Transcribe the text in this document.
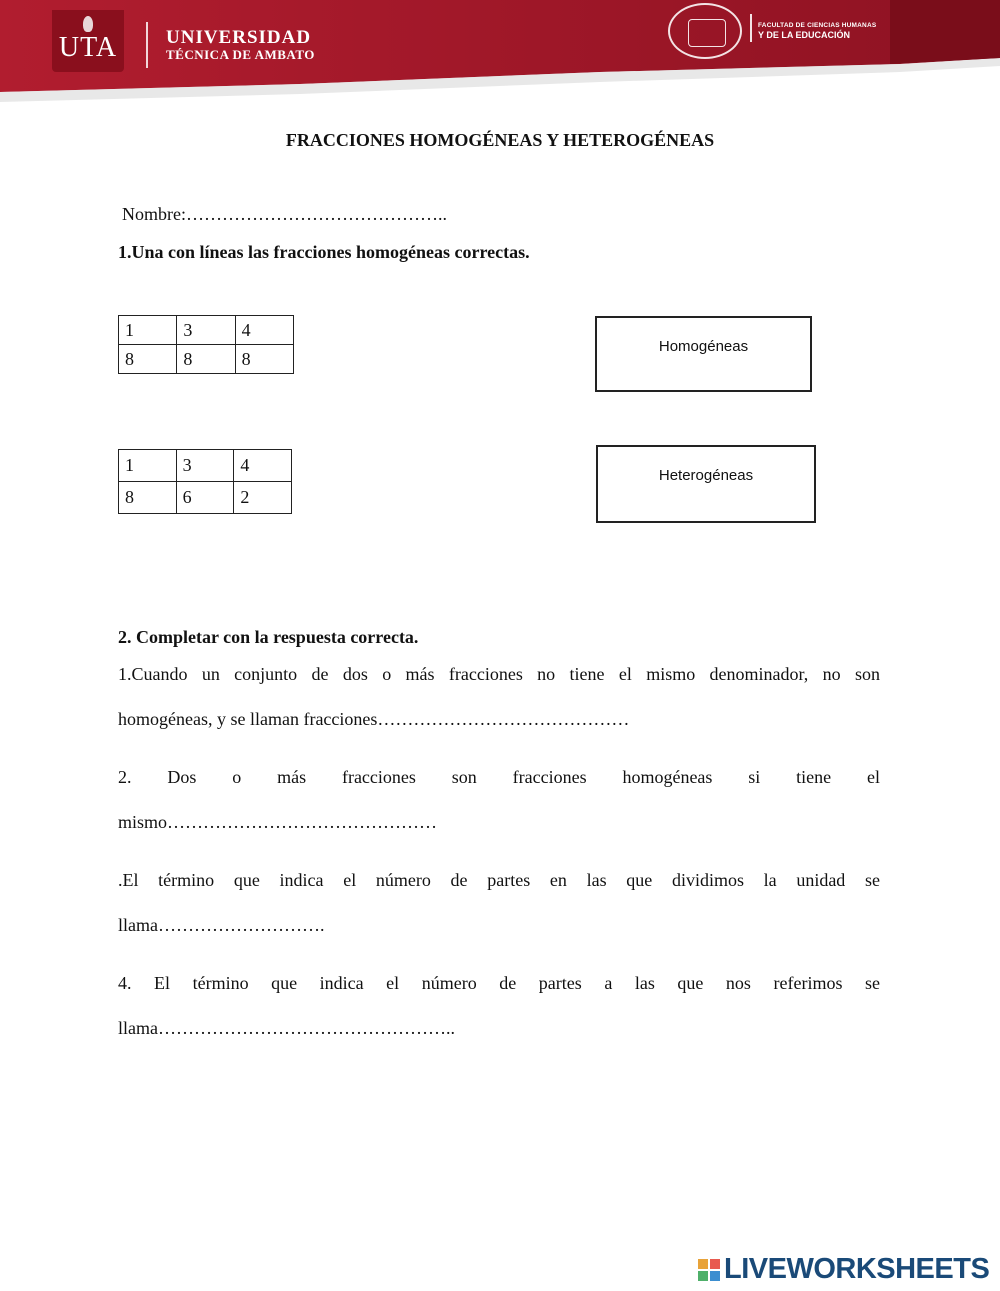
UTA	UNIVERSIDAD
TÉCNICA DE AMBATO
FACULTAD DE CIENCIAS HUMANAS
Y DE LA EDUCACIÓN
FRACCIONES HOMOGÉNEAS Y HETEROGÉNEAS
Nombre:……………………………………..
1.Una con líneas las fracciones homogéneas correctas.
1	3	4
8	8	8
1	3	4
8	6	2
Homogéneas
Heterogéneas
2. Completar con la respuesta correcta.
1.Cuando un conjunto de dos o más fracciones no tiene el mismo denominador, no son
homogéneas, y se llaman fracciones……………………………………
2. Dos o más fracciones son fracciones homogéneas si tiene el
mismo………………………………………
.El término que indica el número de partes en las que dividimos la unidad se
llama……………………….
4. El término que indica el número de partes a las que nos referimos se
llama…………………………………………..
LIVEWORKSHEETS
